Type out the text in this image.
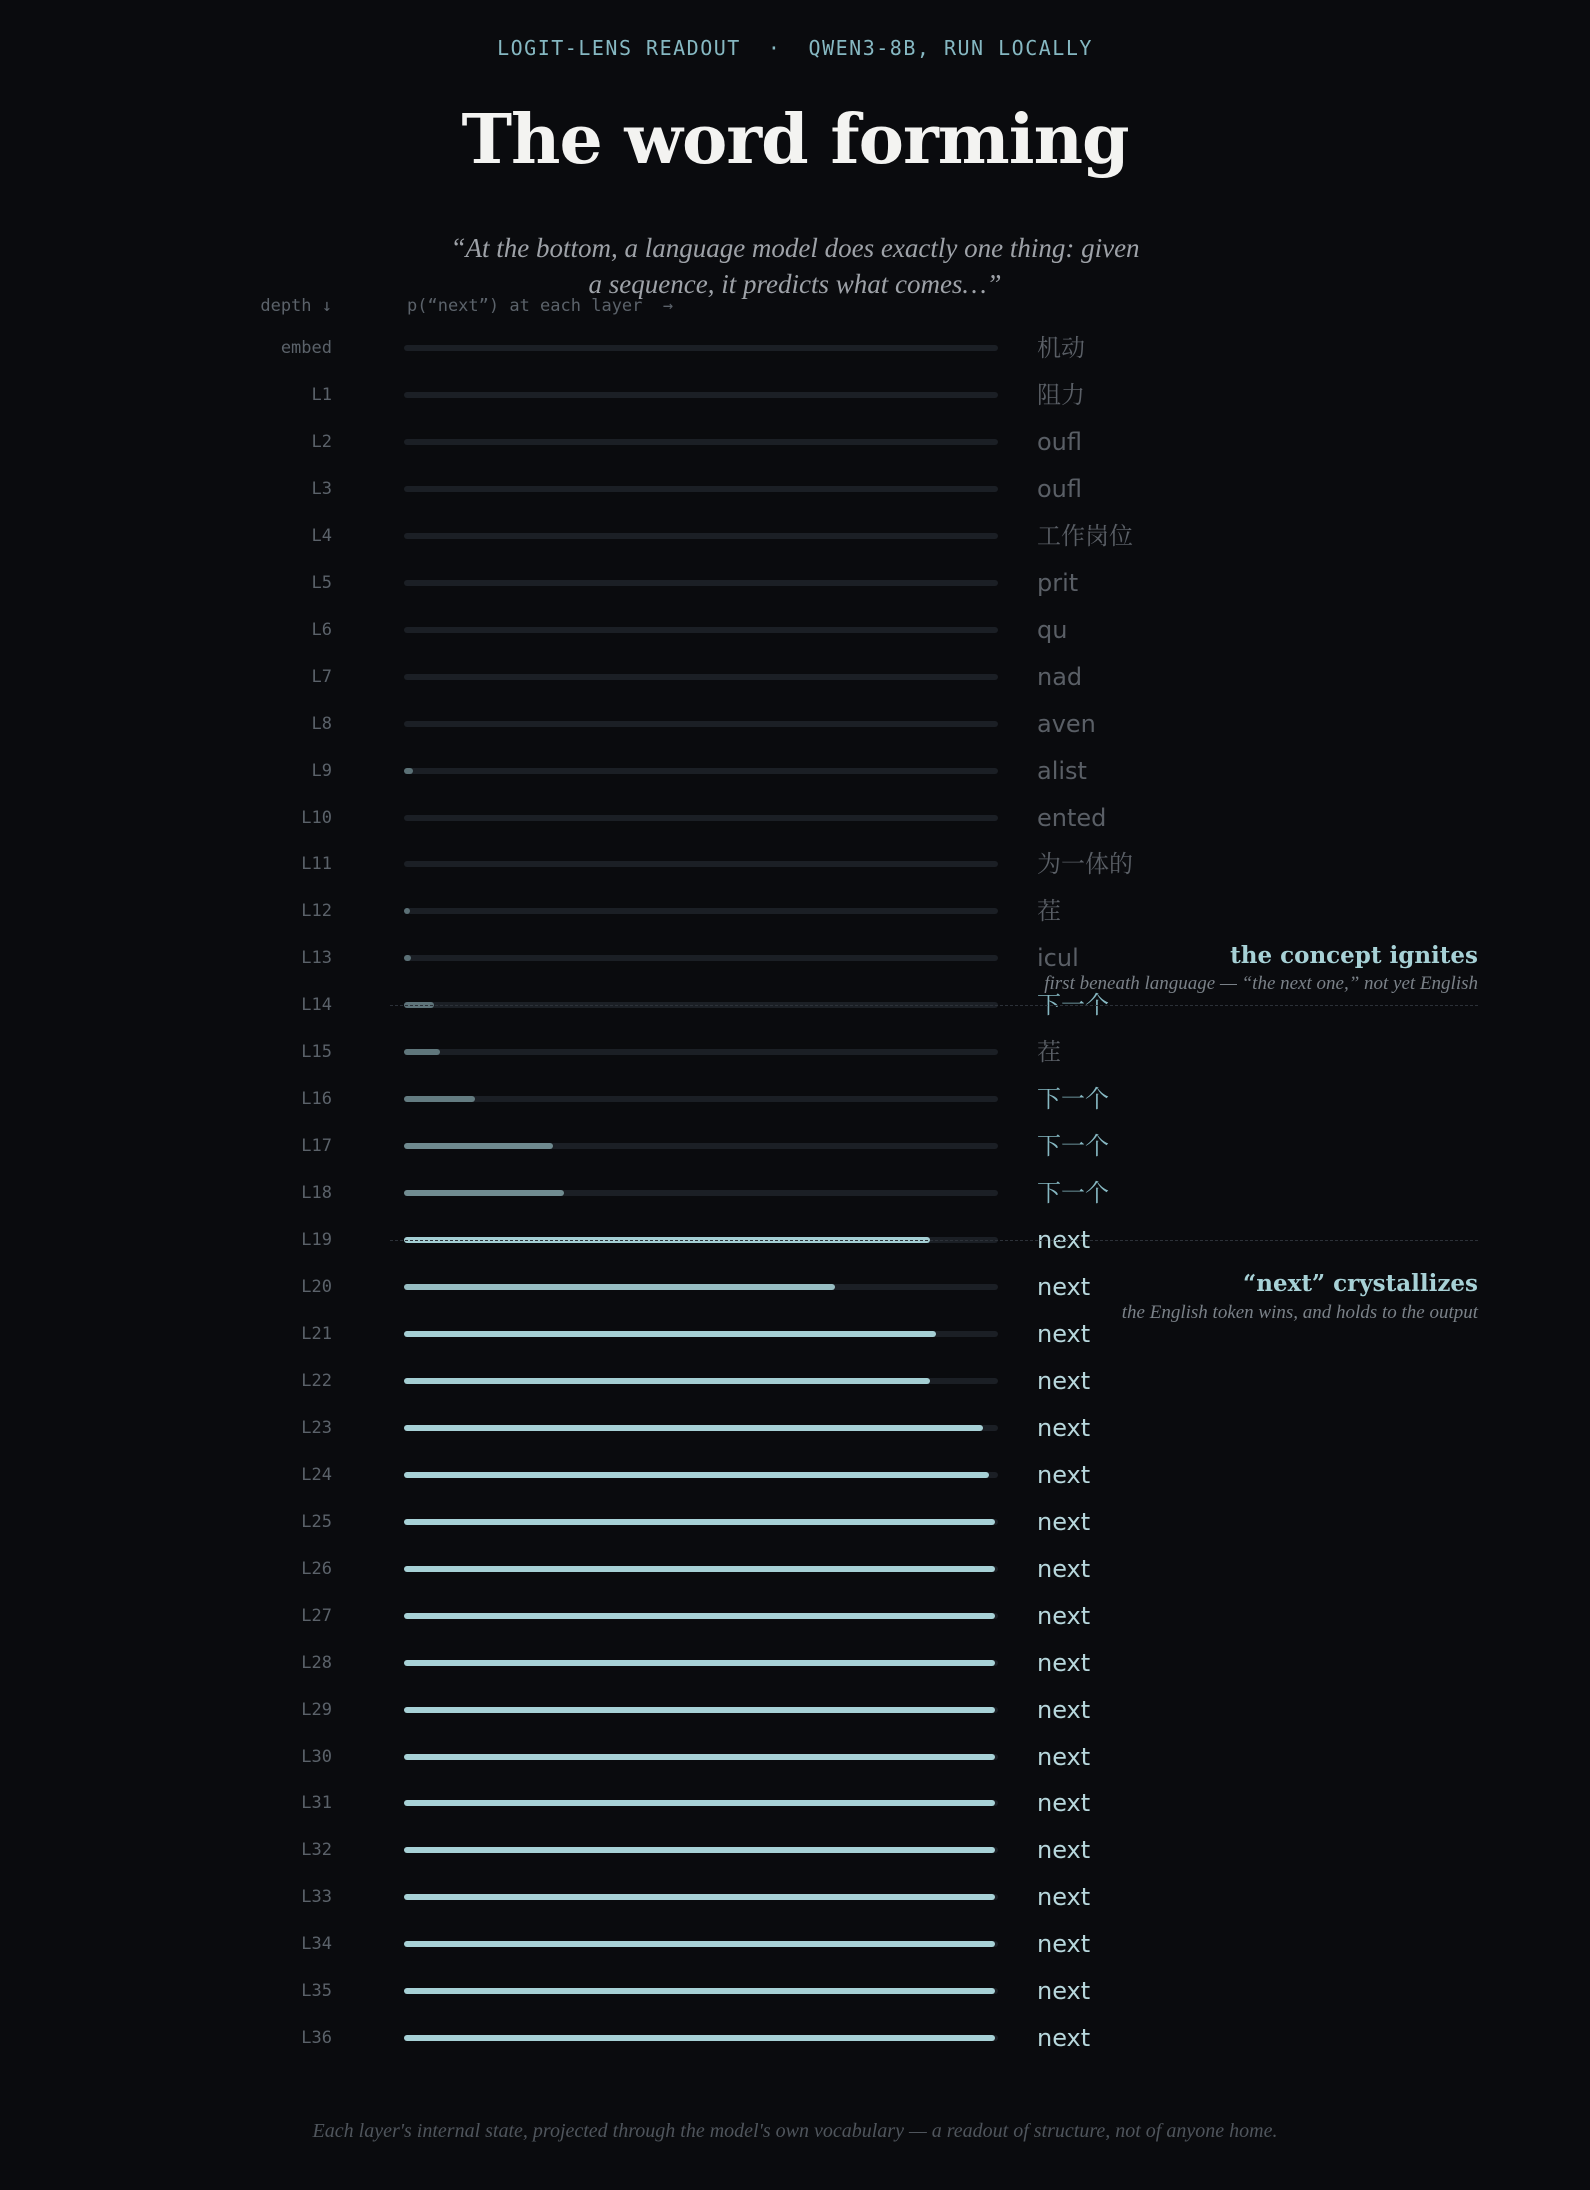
LOGIT-LENS READOUT  ·  QWEN3-8B, RUN LOCALLY
The word forming
“At the bottom, a language model does exactly one thing: given a sequence, it predicts what comes…”
depth ↓	p(“next”) at each layer  →
embed	机动
L1	阻力
L2	oufl
L3	oufl
L4	工作岗位
L5	prit
L6	qu
L7	nad
L8	aven
L9	alist
L10	ented
L11	为一体的
L12	茬
L13	icul
L14	下一个
L15	茬
L16	下一个
L17	下一个
L18	下一个
L19	next
L20	next
L21	next
L22	next
L23	next
L24	next
L25	next
L26	next
L27	next
L28	next
L29	next
L30	next
L31	next
L32	next
L33	next
L34	next
L35	next
L36	next
the concept ignites
first beneath language — “the next one,” not yet English
“next” crystallizes
the English token wins, and holds to the output
Each layer's internal state, projected through the model's own vocabulary — a readout of structure, not of anyone home.
